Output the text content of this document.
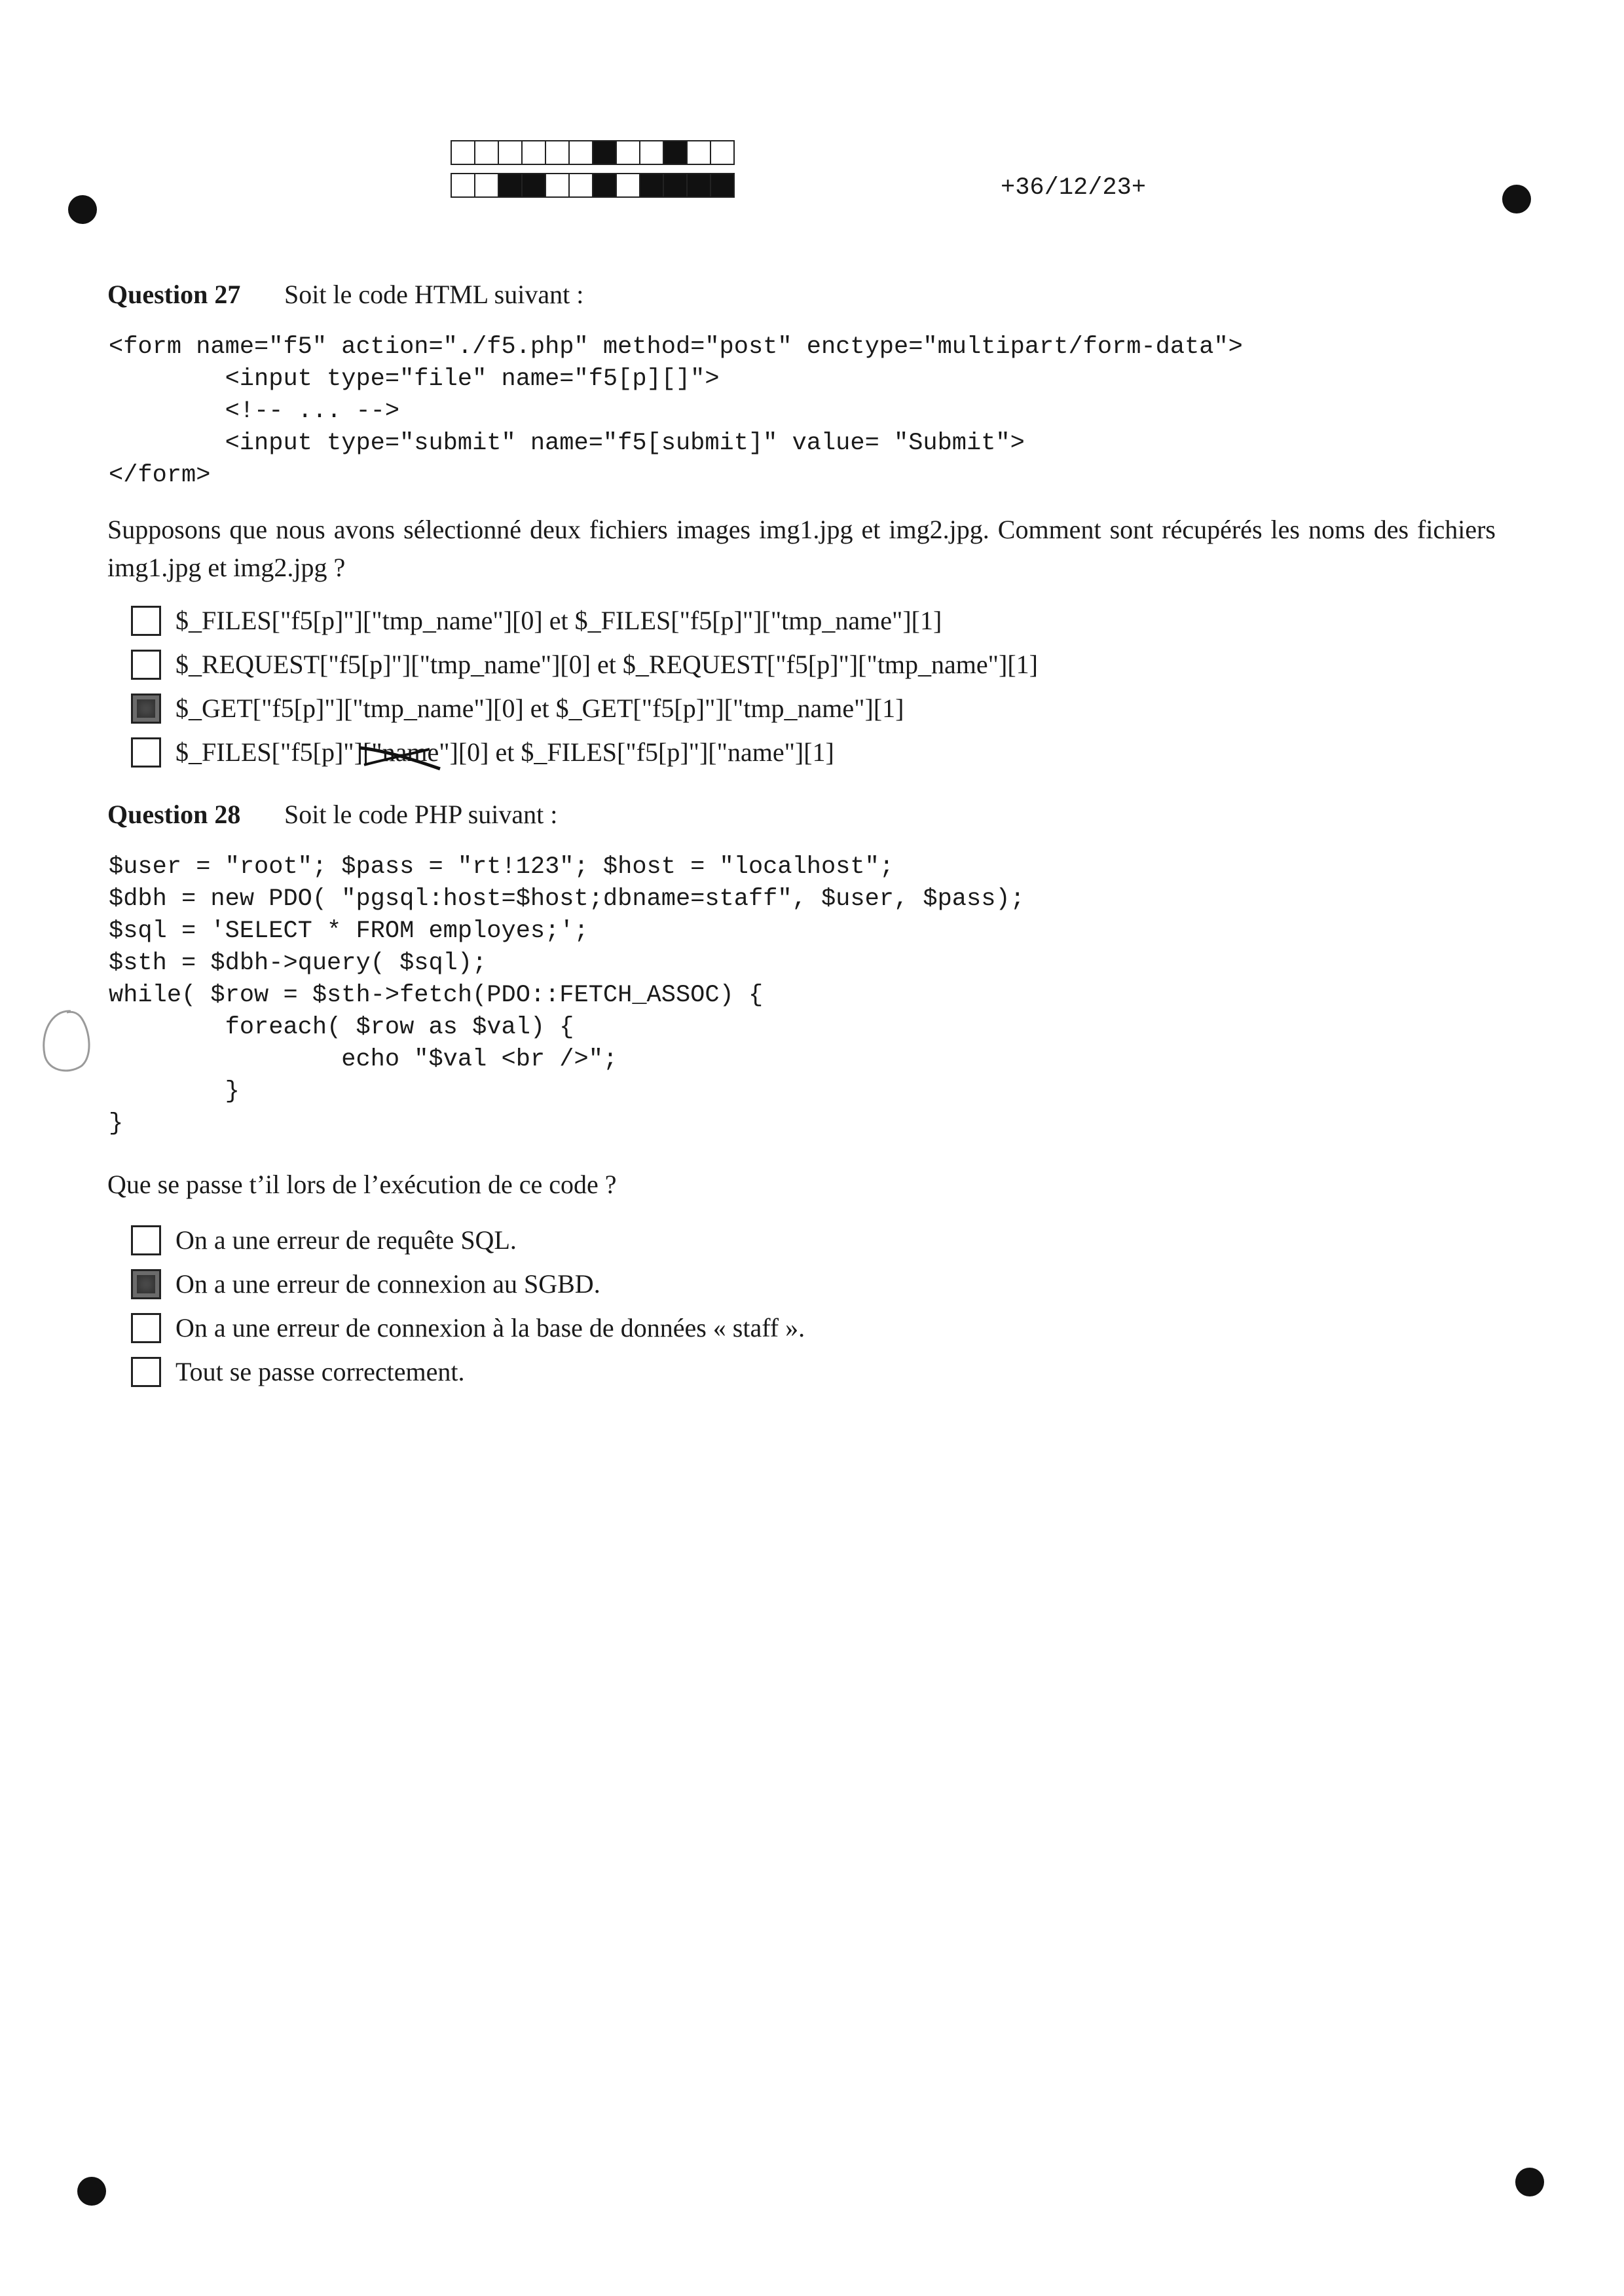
+36/12/23+
Question 27	Soit le code HTML suivant :
<form name="f5" action="./f5.php" method="post" enctype="multipart/form-data">
<input type="file" name="f5[p][]">
<!-- ... -->
<input type="submit" name="f5[submit]" value= "Submit">
</form>

Supposons que nous avons sélectionné deux fichiers images img1.jpg et img2.jpg. Comment sont récupérés les noms des fichiers img1.jpg et img2.jpg ?

$_FILES["f5[p]"]["tmp_name"][0] et $_FILES["f5[p]"]["tmp_name"][1]
$_REQUEST["f5[p]"]["tmp_name"][0] et $_REQUEST["f5[p]"]["tmp_name"][1]
$_GET["f5[p]"]["tmp_name"][0] et $_GET["f5[p]"]["tmp_name"][1]
$_FILES["f5[p]"]["name"][0] et $_FILES["f5[p]"]["name"][1]
Question 28	Soit le code PHP suivant :
$user = "root"; $pass = "rt!123"; $host = "localhost";
$dbh = new PDO( "pgsql:host=$host;dbname=staff", $user, $pass);
$sql = 'SELECT * FROM employes;';
$sth = $dbh->query( $sql);
while( $row = $sth->fetch(PDO::FETCH_ASSOC) {
foreach( $row as $val) {
echo "$val <br />";
}
}

Que se passe t’il lors de l’exécution de ce code ?

On a une erreur de requête SQL.
On a une erreur de connexion au SGBD.
On a une erreur de connexion à la base de données « staff ».
Tout se passe correctement.
